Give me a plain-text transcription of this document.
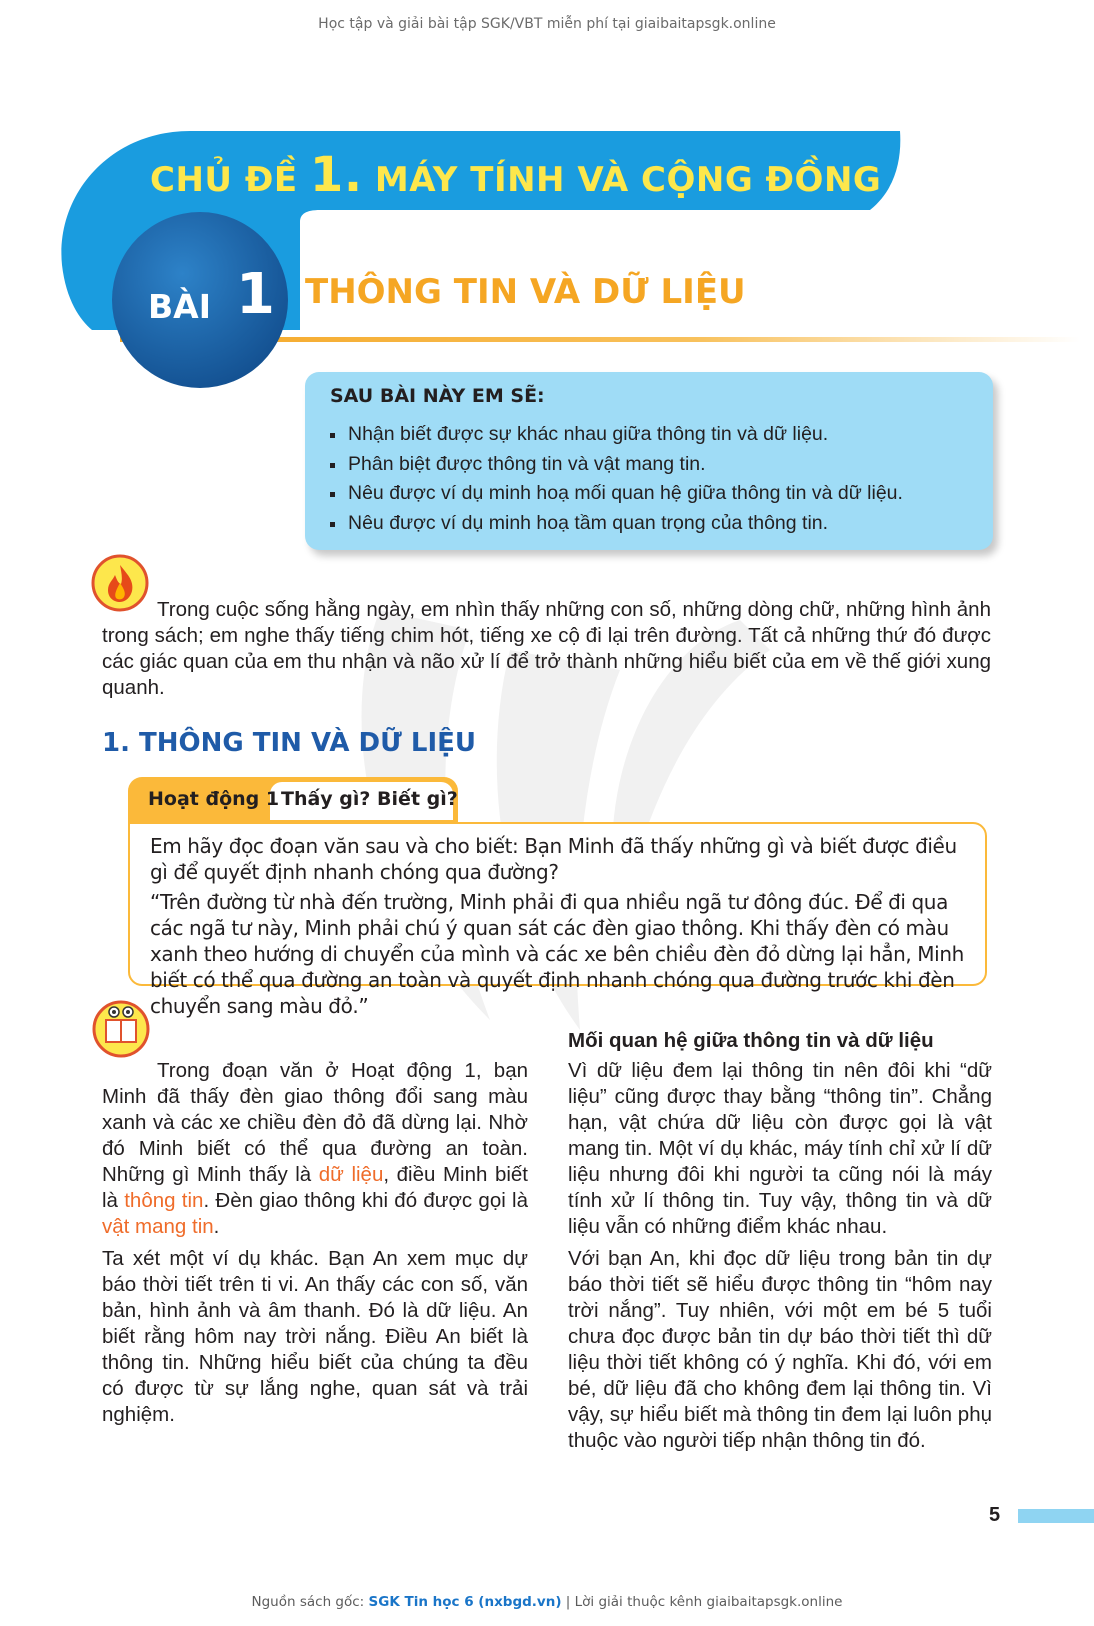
Học tập và giải bài tập SGK/VBT miễn phí tại giaibaitapsgk.online
CHỦ ĐỀ 1. MÁY TÍNH VÀ CỘNG ĐỒNG
BÀI 1 THÔNG TIN VÀ DỮ LIỆU
SAU BÀI NÀY EM SẼ:
Nhận biết được sự khác nhau giữa thông tin và dữ liệu.
Phân biệt được thông tin và vật mang tin.
Nêu được ví dụ minh hoạ mối quan hệ giữa thông tin và dữ liệu.
Nêu được ví dụ minh hoạ tầm quan trọng của thông tin.
Trong cuộc sống hằng ngày, em nhìn thấy những con số, những dòng chữ, những hình ảnh trong sách; em nghe thấy tiếng chim hót, tiếng xe cộ đi lại trên đường. Tất cả những thứ đó được các giác quan của em thu nhận và não xử lí để trở thành những hiểu biết của em về thế giới xung quanh.
1. THÔNG TIN VÀ DỮ LIỆU
Hoạt động 1 Thấy gì? Biết gì?

Em hãy đọc đoạn văn sau và cho biết: Bạn Minh đã thấy những gì và biết được điều gì để quyết định nhanh chóng qua đường?

“Trên đường từ nhà đến trường, Minh phải đi qua nhiều ngã tư đông đúc. Để đi qua các ngã tư này, Minh phải chú ý quan sát các đèn giao thông. Khi thấy đèn có màu xanh theo hướng di chuyển của mình và các xe bên chiều đèn đỏ dừng lại hẳn, Minh biết có thể qua đường an toàn và quyết định nhanh chóng qua đường trước khi đèn chuyển sang màu đỏ.”

Trong đoạn văn ở Hoạt động 1, bạn Minh đã thấy đèn giao thông đổi sang màu xanh và các xe chiều đèn đỏ đã dừng lại. Nhờ đó Minh biết có thể qua đường an toàn. Những gì Minh thấy là dữ liệu, điều Minh biết là thông tin. Đèn giao thông khi đó được gọi là vật mang tin.

Ta xét một ví dụ khác. Bạn An xem mục dự báo thời tiết trên ti vi. An thấy các con số, văn bản, hình ảnh và âm thanh. Đó là dữ liệu. An biết rằng hôm nay trời nắng. Điều An biết là thông tin. Những hiểu biết của chúng ta đều có được từ sự lắng nghe, quan sát và trải nghiệm.

Mối quan hệ giữa thông tin và dữ liệu

Vì dữ liệu đem lại thông tin nên đôi khi “dữ liệu” cũng được thay bằng “thông tin”. Chẳng hạn, vật chứa dữ liệu còn được gọi là vật mang tin. Một ví dụ khác, máy tính chỉ xử lí dữ liệu nhưng đôi khi người ta cũng nói là máy tính xử lí thông tin. Tuy vậy, thông tin và dữ liệu vẫn có những điểm khác nhau.

Với bạn An, khi đọc dữ liệu trong bản tin dự báo thời tiết sẽ hiểu được thông tin “hôm nay trời nắng”. Tuy nhiên, với một em bé 5 tuổi chưa đọc được bản tin dự báo thời tiết thì dữ liệu thời tiết không có ý nghĩa. Khi đó, với em bé, dữ liệu đã cho không đem lại thông tin. Vì vậy, sự hiểu biết mà thông tin đem lại luôn phụ thuộc vào người tiếp nhận thông tin đó.

5
Nguồn sách gốc: SGK Tin học 6 (nxbgd.vn) | Lời giải thuộc kênh giaibaitapsgk.online
